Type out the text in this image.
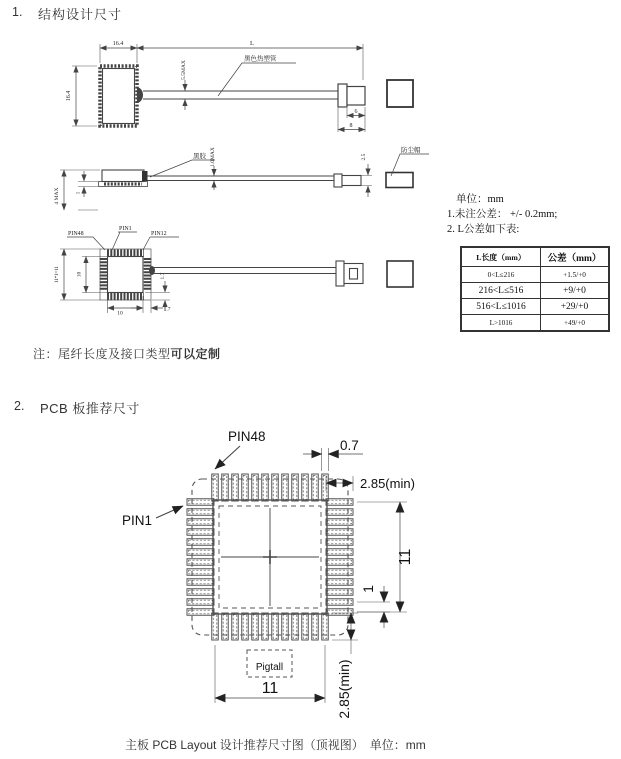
16.4	L
16.4
5.5MAX
黑色热塑管
6
8
黑胶 1.0MAX
4 MAX	1
2.5
防尘帽
PIN48
PIN1
PIN12
11*1=11	10
10
1.7
1.7
PIN48
PIN1
0.7
2.85(min)
11
1
2.85(min)
11
Pigtall
1. 结构设计尺寸
单位：mm
1.未注公差： +/- 0.2mm;
2. L公差如下表:
L长度（mm）	公差（mm）
0<L≤216	+1.5/+0
216<L≤516	+9/+0
516<L≤1016	+29/+0
L>1016	+49/+0
注：尾纤长度及接口类型可以定制
2. PCB 板推荐尺寸
主板 PCB Layout 设计推荐尺寸图（顶视图）　单位：mm
